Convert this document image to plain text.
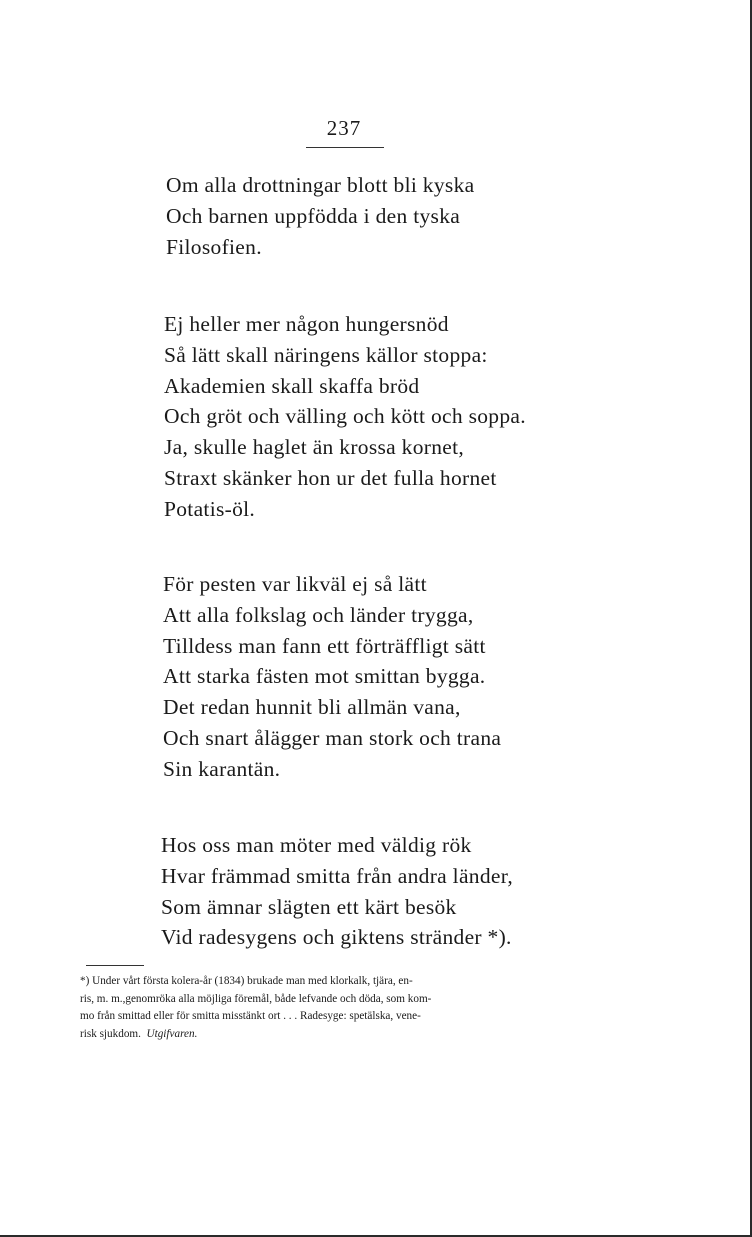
237
Om alla drottningar blott bli kyska
Och barnen uppfödda i den tyska
Filosofien.
Ej heller mer någon hungersnöd
Så lätt skall näringens källor stoppa:
Akademien skall skaffa bröd
Och gröt och välling och kött och soppa.
Ja, skulle haglet än krossa kornet,
Straxt skänker hon ur det fulla hornet
Potatis-öl.
För pesten var likväl ej så lätt
Att alla folkslag och länder trygga,
Tilldess man fann ett förträffligt sätt
Att starka fästen mot smittan bygga.
Det redan hunnit bli allmän vana,
Och snart ålägger man stork och trana
Sin karantän.
Hos oss man möter med väldig rök
Hvar främmad smitta från andra länder,
Som ämnar slägten ett kärt besök
Vid radesygens och giktens stränder *).
*) Under vårt första kolera-år (1834) brukade man med klorkalk, tjära, en-
ris, m. m.,genomröka alla möjliga föremål, både lefvande och döda, som kom-
mo från smittad eller för smitta misstänkt ort . . . Radesyge: spetälska, vene-
risk sjukdom. Utgifvaren.
